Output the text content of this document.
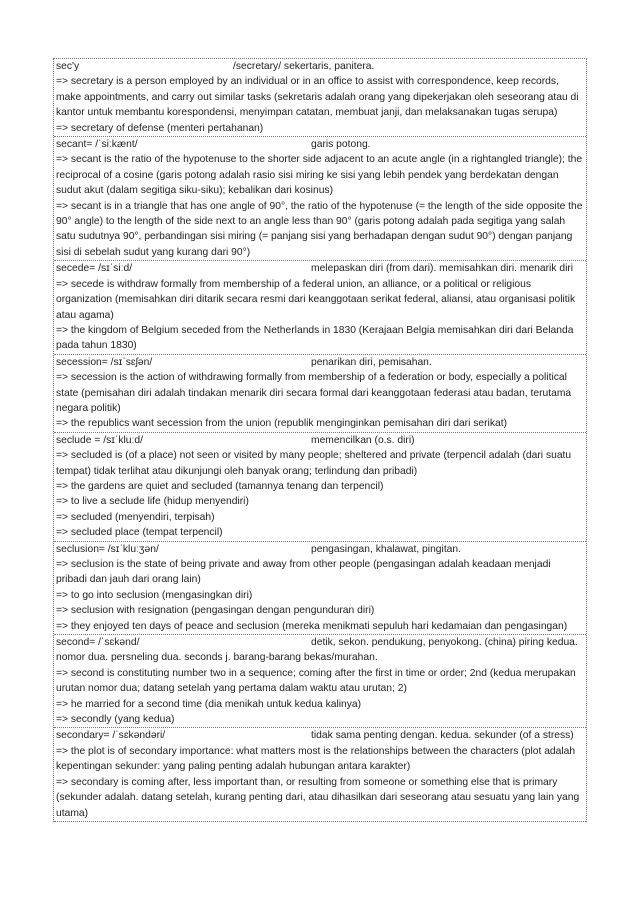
sec'y	/secretary/ sekertaris, panitera.
=> secretary is a person employed by an individual or in an office to assist with correspondence, keep records, make appointments, and carry out similar tasks (sekretaris adalah orang yang dipekerjakan oleh seseorang atau di kantor untuk membantu korespondensi, menyimpan catatan, membuat janji, dan melaksanakan tugas serupa)
=> secretary of defense (menteri pertahanan)
secant= /ˈsiːkænt/	garis potong.
=> secant is the ratio of the hypotenuse to the shorter side adjacent to an acute angle (in a rightangled triangle); the reciprocal of a cosine (garis potong adalah rasio sisi miring ke sisi yang lebih pendek yang berdekatan dengan sudut akut (dalam segitiga siku-siku); kebalikan dari kosinus)
=> secant is in a triangle that has one angle of 90°, the ratio of the hypotenuse (= the length of the side opposite the 90° angle) to the length of the side next to an angle less than 90° (garis potong adalah pada segitiga yang salah satu sudutnya 90°, perbandingan sisi miring (= panjang sisi yang berhadapan dengan sudut 90°) dengan panjang sisi di sebelah sudut yang kurang dari 90°)
secede= /sɪˈsiːd/	melepaskan diri (from dari). memisahkan diri. menarik diri
=> secede is withdraw formally from membership of a federal union, an alliance, or a political or religious organization (memisahkan diri ditarik secara resmi dari keanggotaan serikat federal, aliansi, atau organisasi politik atau agama)
=> the kingdom of Belgium seceded from the Netherlands in 1830 (Kerajaan Belgia memisahkan diri dari Belanda pada tahun 1830)
secession= /sɪˈsɛʃən/	penarikan diri, pemisahan.
=> secession is the action of withdrawing formally from membership of a federation or body, especially a political state (pemisahan diri adalah tindakan menarik diri secara formal dari keanggotaan federasi atau badan, terutama negara politik)
=> the republics want secession from the union (republik menginginkan pemisahan diri dari serikat)
seclude = /sɪˈkluːd/	memencilkan (o.s. diri)
=> secluded is (of a place) not seen or visited by many people; sheltered and private (terpencil adalah (dari suatu tempat) tidak terlihat atau dikunjungi oleh banyak orang; terlindung dan pribadi)
=> the gardens are quiet and secluded (tamannya tenang dan terpencil)
=> to live a seclude life (hidup menyendiri)
=> secluded (menyendiri, terpisah)
=> secluded place (tempat terpencil)
seclusion= /sɪˈkluːʒən/	pengasingan, khalawat, pingitan.
=> seclusion is the state of being private and away from other people (pengasingan adalah keadaan menjadi pribadi dan jauh dari orang lain)
=> to go into seclusion (mengasingkan diri)
=> seclusion with resignation (pengasingan dengan pengunduran diri)
=> they enjoyed ten days of peace and seclusion (mereka menikmati sepuluh hari kedamaian dan pengasingan)
second= /ˈsɛkənd/	detik, sekon. pendukung, penyokong. (china) piring kedua. nomor dua. persneling dua. seconds j. barang-barang bekas/murahan.
=> second is constituting number two in a sequence; coming after the first in time or order; 2nd (kedua merupakan urutan nomor dua; datang setelah yang pertama dalam waktu atau urutan; 2)
=> he married for a second time (dia menikah untuk kedua kalinya)
=> secondly (yang kedua)
secondary= /ˈsɛkəndəri/	tidak sama penting dengan. kedua. sekunder (of a stress)
=> the plot is of secondary importance: what matters most is the relationships between the characters (plot adalah kepentingan sekunder: yang paling penting adalah hubungan antara karakter)
=> secondary is coming after, less important than, or resulting from someone or something else that is primary (sekunder adalah. datang setelah, kurang penting dari, atau dihasilkan dari seseorang atau sesuatu yang lain yang utama)
